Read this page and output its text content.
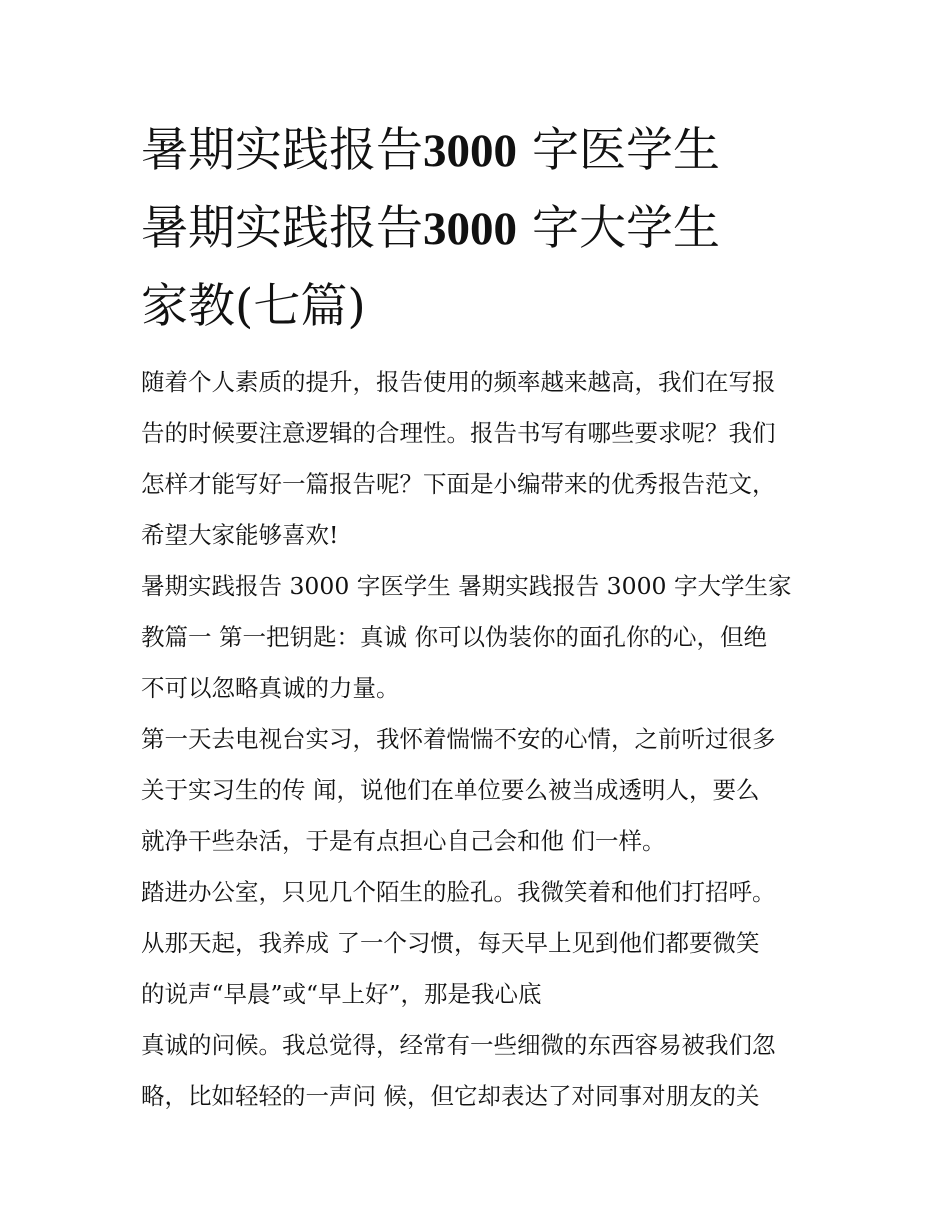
暑期实践报告3000 字医学生
暑期实践报告3000 字大学生
家教(七篇)

随着个人素质的提升，报告使用的频率越来越高，我们在写报
告的时候要注意逻辑的合理性。报告书写有哪些要求呢？我们
怎样才能写好一篇报告呢？下面是小编带来的优秀报告范文，
希望大家能够喜欢!

暑期实践报告 3000 字医学生 暑期实践报告 3000 字大学生家
教篇一 第一把钥匙：真诚 你可以伪装你的面孔你的心，但绝
不可以忽略真诚的力量。

第一天去电视台实习，我怀着惴惴不安的心情，之前听过很多
关于实习生的传 闻，说他们在单位要么被当成透明人，要么
就净干些杂活，于是有点担心自己会和他 们一样。

踏进办公室，只见几个陌生的脸孔。我微笑着和他们打招呼。
从那天起，我养成 了一个习惯，每天早上见到他们都要微笑
的说声“早晨”或“早上好”，那是我心底

真诚的问候。我总觉得，经常有一些细微的东西容易被我们忽
略，比如轻轻的一声问 候，但它却表达了对同事对朋友的关
